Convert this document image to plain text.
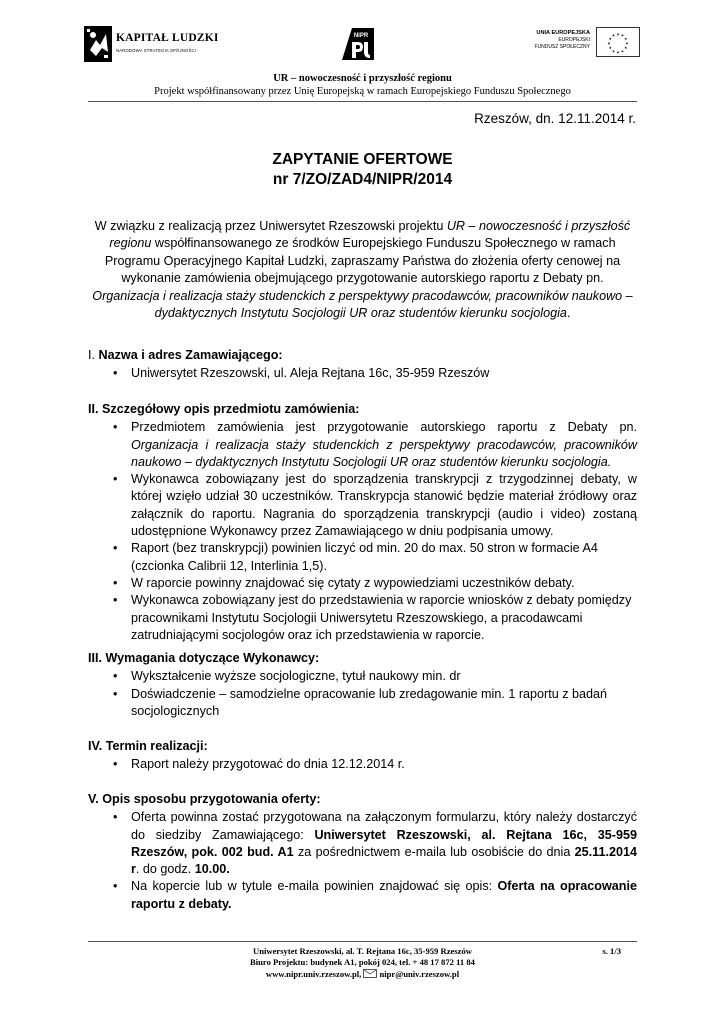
KAPITAŁ LUDZKI
NARODOWA STRATEGIA SPÓJNOŚCI
NIPR	UNIA EUROPEJSKA
EUROPEJSKI
FUNDUSZ SPOŁECZNY
★ ★
★
★
★
★
★
★
★
★
★
★
UR – nowoczesność i przyszłość regionu
Projekt współfinansowany przez Unię Europejską w ramach Europejskiego Funduszu Społecznego
Rzeszów, dn. 12.11.2014 r.
ZAPYTANIE OFERTOWE
nr 7/ZO/ZAD4/NIPR/2014
W związku z realizacją przez Uniwersytet Rzeszowski projektu UR – nowoczesność i przyszłość regionu współfinansowanego ze środków Europejskiego Funduszu Społecznego w ramach Programu Operacyjnego Kapitał Ludzki, zapraszamy Państwa do złożenia oferty cenowej na wykonanie zamówienia obejmującego przygotowanie autorskiego raportu z Debaty pn. Organizacja i realizacja staży studenckich z perspektywy pracodawców, pracowników naukowo – dydaktycznych Instytutu Socjologii UR oraz studentów kierunku socjologia.
I. Nazwa i adres Zamawiającego:
• Uniwersytet Rzeszowski, ul. Aleja Rejtana 16c, 35-959 Rzeszów
II. Szczegółowy opis przedmiotu zamówienia:
• Przedmiotem zamówienia jest przygotowanie autorskiego raportu z Debaty pn. Organizacja i realizacja staży studenckich z perspektywy pracodawców, pracowników naukowo – dydaktycznych Instytutu Socjologii UR oraz studentów kierunku socjologia.
• Wykonawca zobowiązany jest do sporządzenia transkrypcji z trzygodzinnej debaty, w której wzięło udział 30 uczestników. Transkrypcja stanowić będzie materiał źródłowy oraz załącznik do raportu. Nagrania do sporządzenia transkrypcji (audio i video) zostaną udostępnione Wykonawcy przez Zamawiającego w dniu podpisania umowy.
• Raport (bez transkrypcji) powinien liczyć od min. 20 do max. 50 stron w formacie A4 (czcionka Calibrii 12, Interlinia 1,5).
• W raporcie powinny znajdować się cytaty z wypowiedziami uczestników debaty.
• Wykonawca zobowiązany jest do przedstawienia w raporcie wniosków z debaty pomiędzy pracownikami Instytutu Socjologii Uniwersytetu Rzeszowskiego, a pracodawcami zatrudniającymi socjologów oraz ich przedstawienia w raporcie.
III. Wymagania dotyczące Wykonawcy:
• Wykształcenie wyższe socjologiczne, tytuł naukowy min. dr
• Doświadczenie – samodzielne opracowanie lub zredagowanie min. 1 raportu z badań socjologicznych
IV. Termin realizacji:
• Raport należy przygotować do dnia 12.12.2014 r.
V. Opis sposobu przygotowania oferty:
• Oferta powinna zostać przygotowana na załączonym formularzu, który należy dostarczyć do siedziby Zamawiającego: Uniwersytet Rzeszowski, al. Rejtana 16c, 35-959 Rzeszów, pok. 002 bud. A1 za pośrednictwem e-maila lub osobiście do dnia 25.11.2014 r. do godz. 10.00.
• Na kopercie lub w tytule e-maila powinien znajdować się opis: Oferta na opracowanie raportu z debaty.
Uniwersytet Rzeszowski, al. T. Rejtana 16c, 35-959 Rzeszów
Biuro Projektu: budynek A1, pokój 024, tel. + 48 17 872 11 84
www.nipr.univ.rzeszow.pl,
nipr@univ.rzeszow.pl
s. 1/3
